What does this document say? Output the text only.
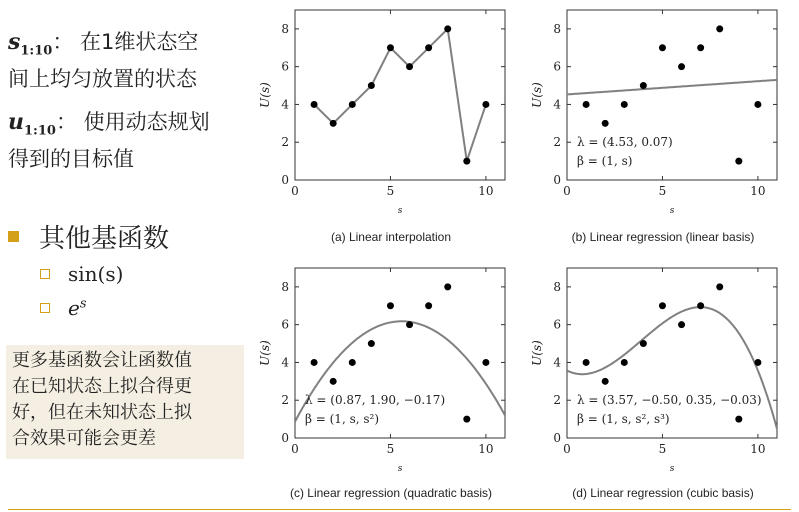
$s_{1:10}$： 在1维状态空
间上均匀放置的状态
$u_{1:10}$： 使用动态规划
得到的目标值
其他基函数
sin(s)
$e^s$
更多基函数会让函数值
在已知状态上拟合得更
好，但在未知状态上拟
合效果可能会更差
0
2
4
6
8
0	5	10
s
U(s)
(a) Linear interpolation
0
2
4
6
8
0	5	10
s
U(s)
λ = (4.53, 0.07)
β = (1, s)
(b) Linear regression (linear basis)
0
2
4
6
8
0	5	10
s
U(s)
λ = (0.87, 1.90, −0.17)
β = (1, s, s²)
(c) Linear regression (quadratic basis)
0
2
4
6
8
0	5	10
s
U(s)
λ = (3.57, −0.50, 0.35, −0.03)
β = (1, s, s², s³)
(d) Linear regression (cubic basis)
